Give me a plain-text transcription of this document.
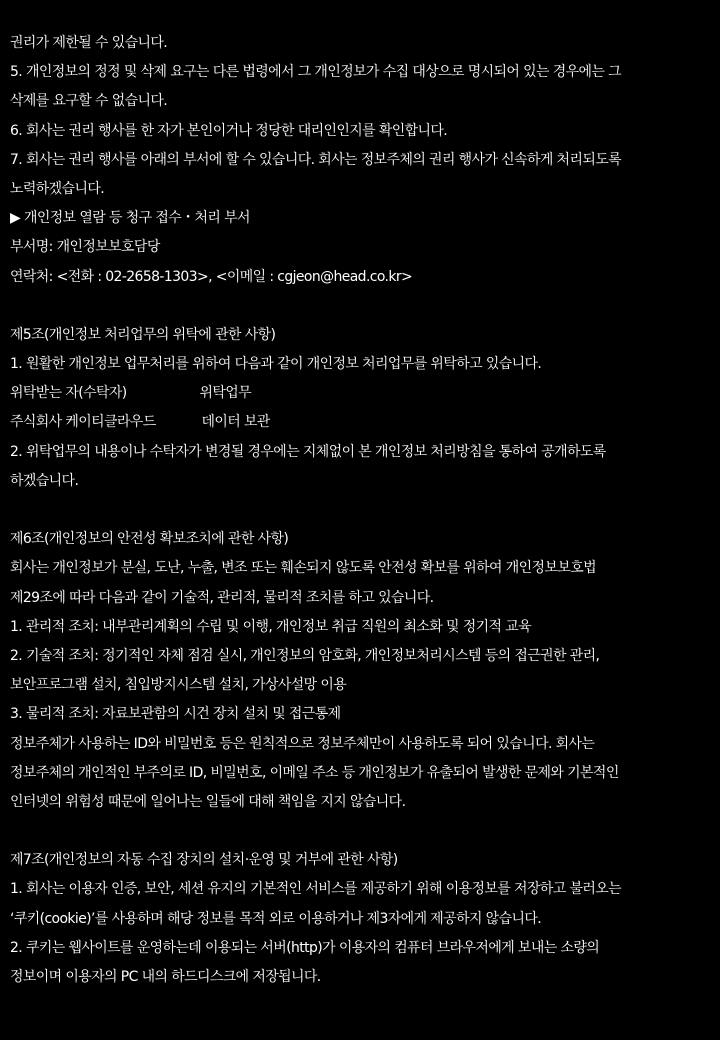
권리가 제한될 수 있습니다.
5. 개인정보의 정정 및 삭제 요구는 다른 법령에서 그 개인정보가 수집 대상으로 명시되어 있는 경우에는 그
삭제를 요구할 수 없습니다.
6. 회사는 권리 행사를 한 자가 본인이거나 정당한 대리인인지를 확인합니다.
7. 회사는 권리 행사를 아래의 부서에 할 수 있습니다. 회사는 정보주체의 권리 행사가 신속하게 처리되도록
노력하겠습니다.
▶ 개인정보 열람 등 청구 접수・처리 부서
부서명: 개인정보보호담당
연락처: <전화 : 02-2658-1303>, <이메일 : cgjeon@head.co.kr>
제5조(개인정보 처리업무의 위탁에 관한 사항)
1. 원활한 개인정보 업무처리를 위하여 다음과 같이 개인정보 처리업무를 위탁하고 있습니다.
위탁받는 자(수탁자)	위탁업무
주식회사 케이티클라우드	데이터 보관
2. 위탁업무의 내용이나 수탁자가 변경될 경우에는 지체없이 본 개인정보 처리방침을 통하여 공개하도록
하겠습니다.
제6조(개인정보의 안전성 확보조치에 관한 사항)
회사는 개인정보가 분실, 도난, 누출, 변조 또는 훼손되지 않도록 안전성 확보를 위하여 개인정보보호법
제29조에 따라 다음과 같이 기술적, 관리적, 물리적 조치를 하고 있습니다.
1. 관리적 조치: 내부관리계획의 수립 및 이행, 개인정보 취급 직원의 최소화 및 정기적 교육
2. 기술적 조치: 정기적인 자체 점검 실시, 개인정보의 암호화, 개인정보처리시스템 등의 접근권한 관리,
보안프로그램 설치, 침입방지시스템 설치, 가상사설망 이용
3. 물리적 조치: 자료보관함의 시건 장치 설치 및 접근통제
정보주체가 사용하는 ID와 비밀번호 등은 원칙적으로 정보주체만이 사용하도록 되어 있습니다. 회사는
정보주체의 개인적인 부주의로 ID, 비밀번호, 이메일 주소 등 개인정보가 유출되어 발생한 문제와 기본적인
인터넷의 위험성 때문에 일어나는 일들에 대해 책임을 지지 않습니다.
제7조(개인정보의 자동 수집 장치의 설치·운영 및 거부에 관한 사항)
1. 회사는 이용자 인증, 보안, 세션 유지의 기본적인 서비스를 제공하기 위해 이용정보를 저장하고 불러오는
‘쿠키(cookie)’를 사용하며 해당 정보를 목적 외로 이용하거나 제3자에게 제공하지 않습니다.
2. 쿠키는 웹사이트를 운영하는데 이용되는 서버(http)가 이용자의 컴퓨터 브라우저에게 보내는 소량의
정보이며 이용자의 PC 내의 하드디스크에 저장됩니다.
